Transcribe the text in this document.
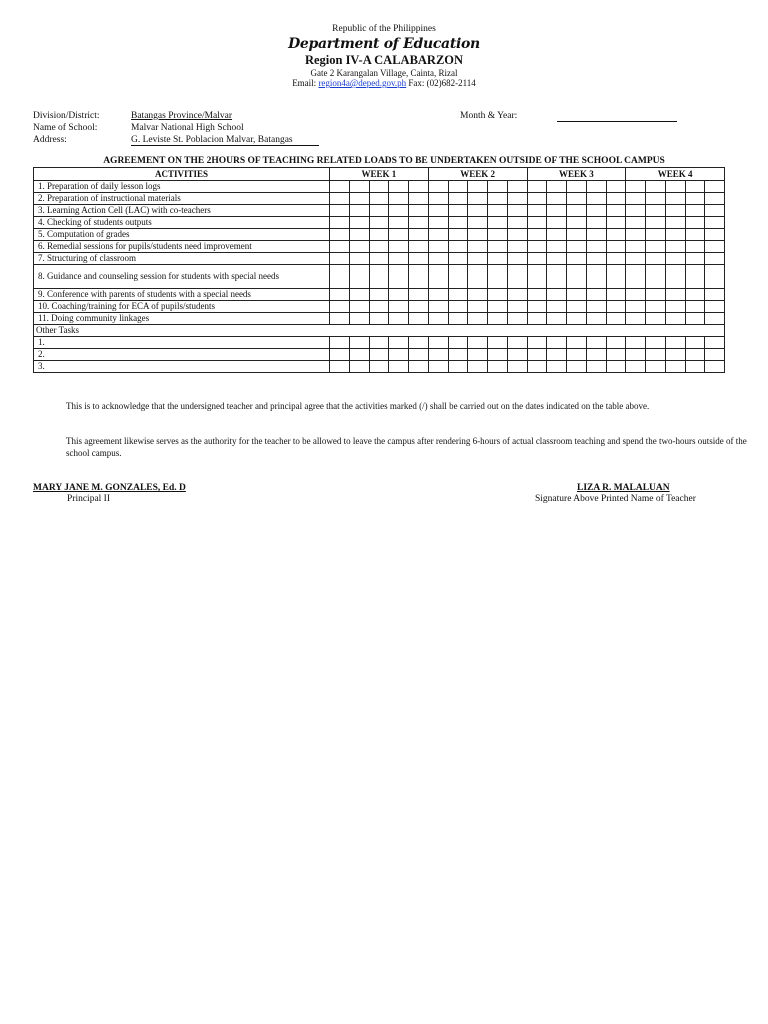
Republic of the Philippines
Department of Education
Region IV-A CALABARZON
Gate 2 Karangalan Village, Cainta, Rizal
Email: region4a@deped.gov.ph Fax: (02)682-2114
Division/District:	Batangas Province/Malvar
Name of School:	Malvar National High School
Address:	G. Leviste St. Poblacion Malvar, Batangas
Month & Year:
AGREEMENT ON THE 2HOURS OF TEACHING RELATED LOADS TO BE UNDERTAKEN OUTSIDE OF THE SCHOOL CAMPUS
ACTIVITIES	WEEK 1					WEEK 2					WEEK 3					WEEK 4				
1. Preparation of daily lesson logs																				
2. Preparation of instructional materials																				
3. Learning Action Cell (LAC) with co-teachers																				
4. Checking of students outputs																				
5. Computation of grades																				
6. Remedial sessions for pupils/students need improvement																				
7. Structuring of classroom																				
8. Guidance and counseling session for students with special needs																				
9. Conference with parents of students with a special needs																				
10. Coaching/training for ECA of pupils/students																				
11. Doing community linkages																				
Other Tasks																				
1.																				
2.																				
3.																				
This is to acknowledge that the undersigned teacher and principal agree that the activities marked (/) shall be carried out on the dates indicated on the table above.
This agreement likewise serves as the authority for the teacher to be allowed to leave the campus after rendering 6-hours of actual classroom teaching and spend the two-hours outside of the school campus.
MARY JANE M. GONZALES, Ed. D
Principal II
LIZA R. MALALUAN
Signature Above Printed Name of Teacher
